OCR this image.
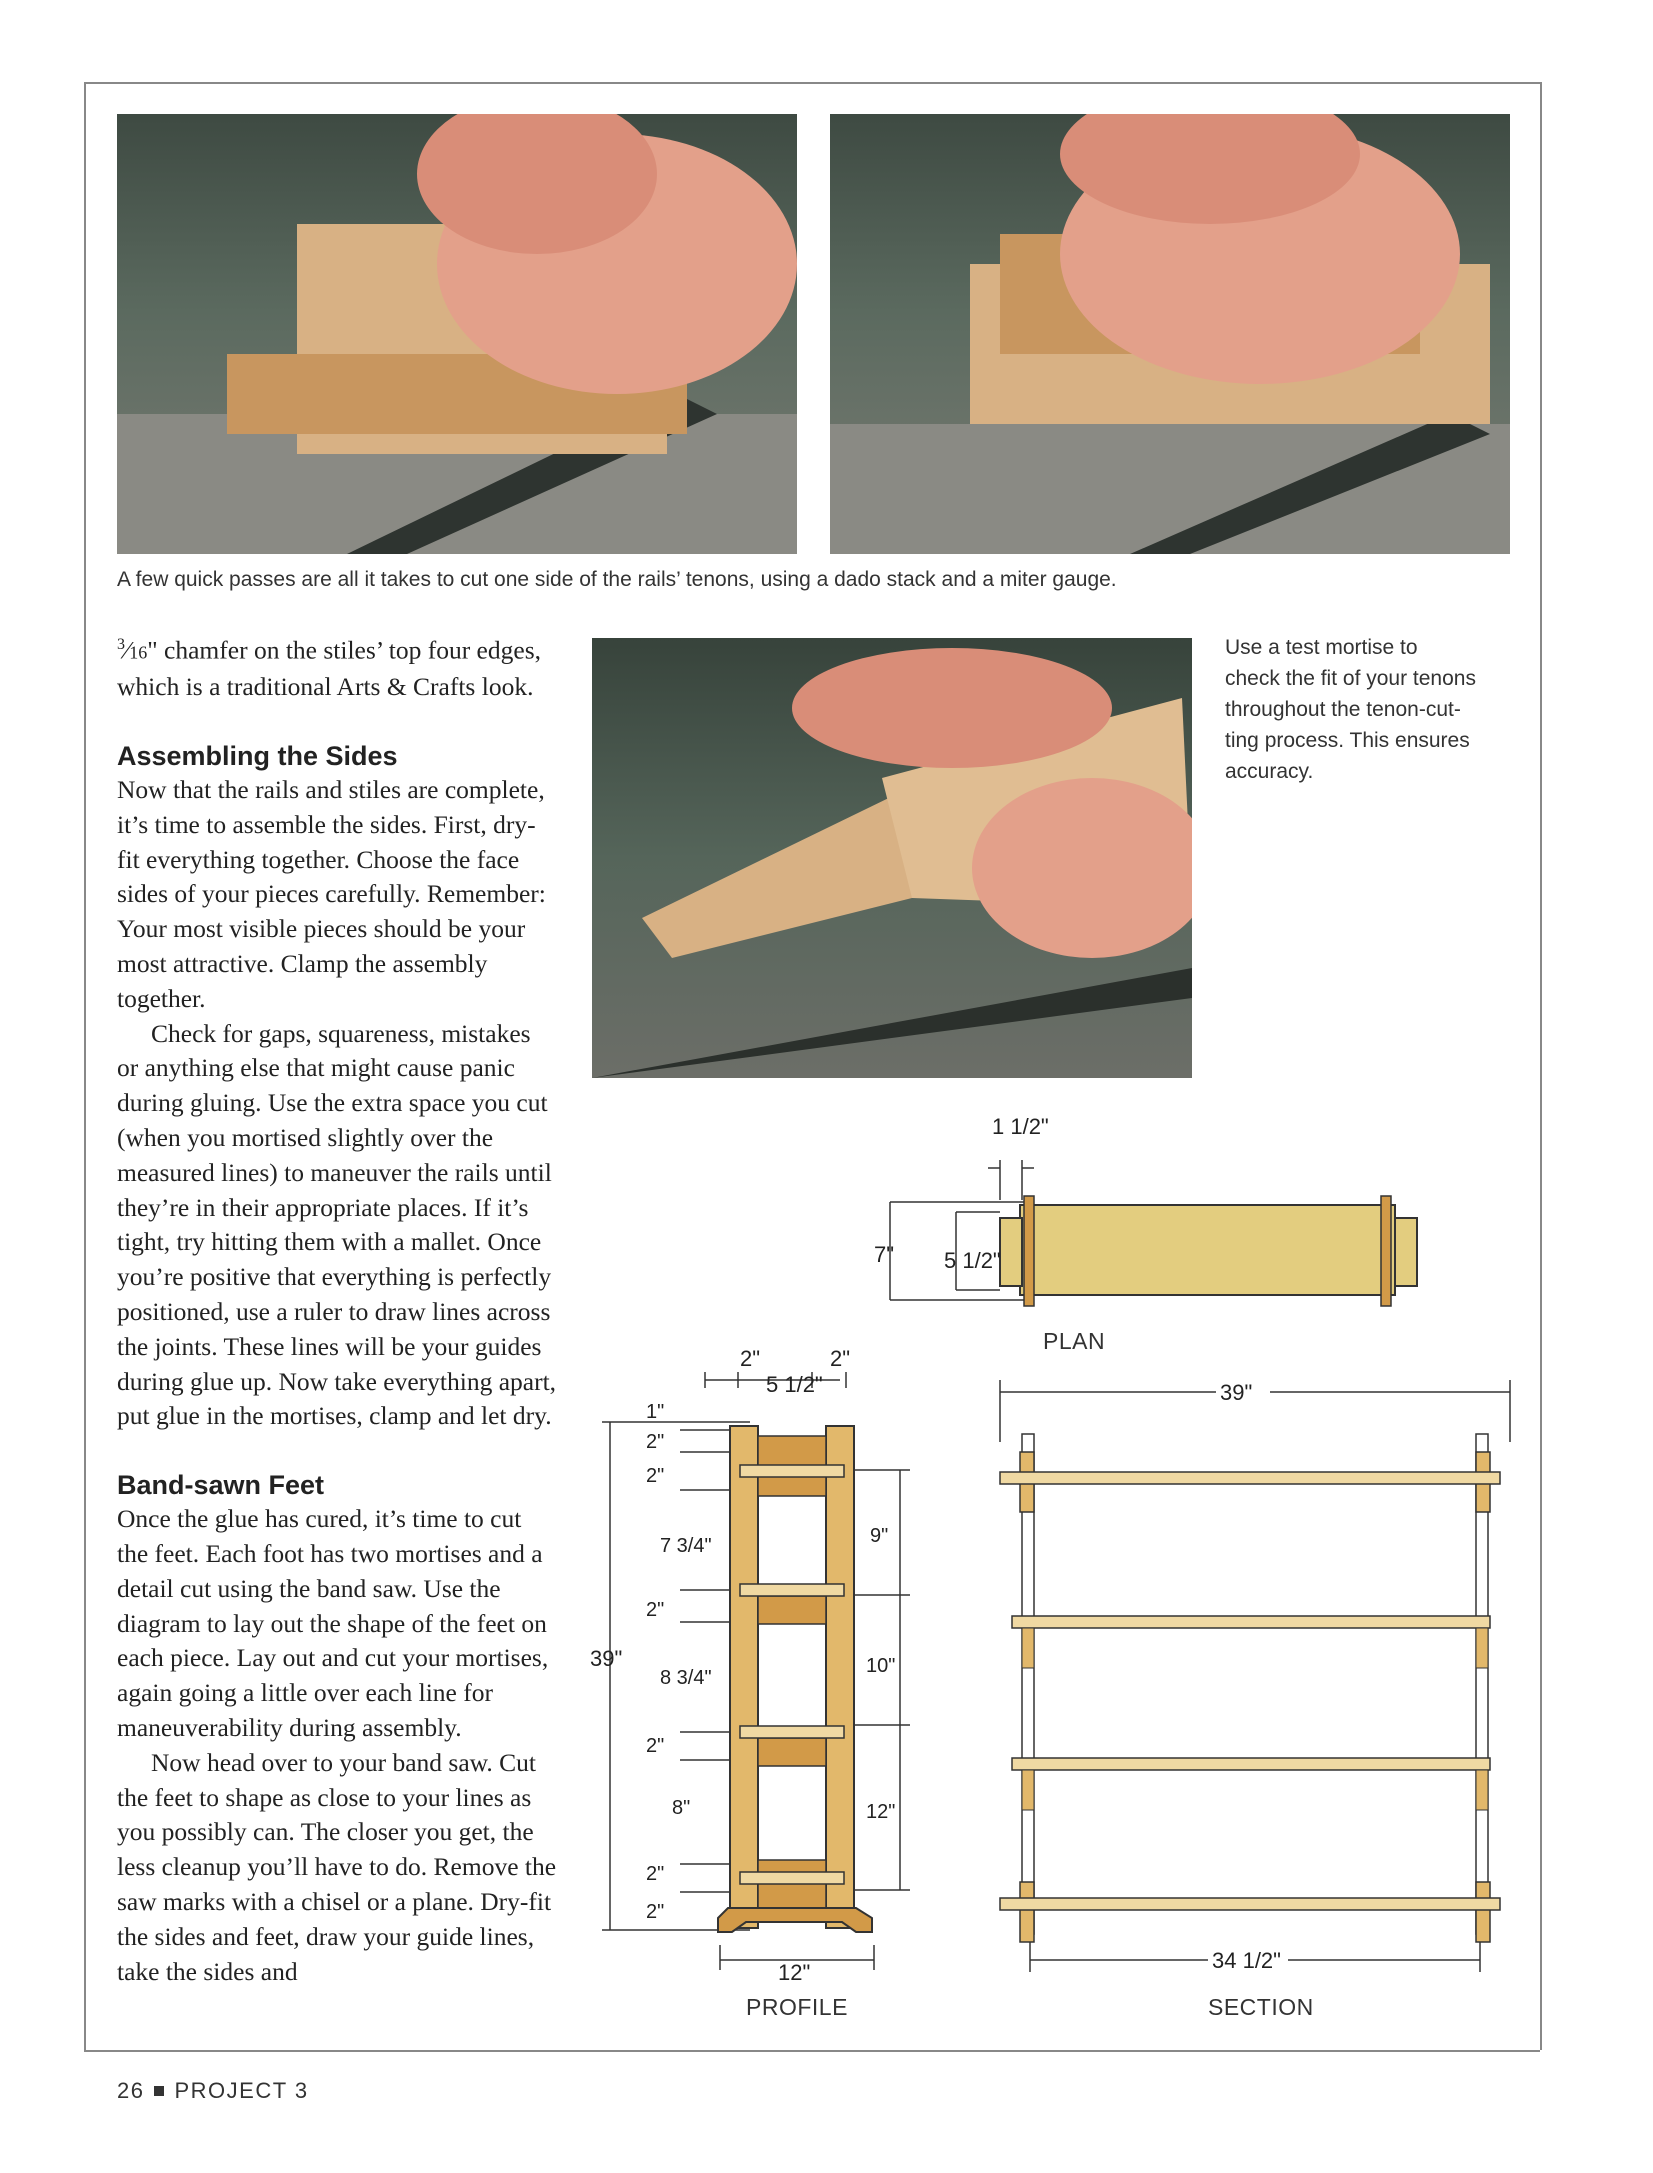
A few quick passes are all it takes to cut one side of the rails’ tenons, using a dado stack and a miter gauge.
Use a test mortise to
check the fit of your tenons
throughout the tenon-cut-
ting process. This ensures
accuracy.

$^3$⁄16" chamfer on the stiles’ top four edges, which is a traditional Arts & Crafts look.

Assembling the Sides

Now that the rails and stiles are complete, it’s time to assemble the sides. First, dry-fit everything together. Choose the face sides of your pieces carefully. Remember: Your most visible pieces should be your most attractive. Clamp the assembly together.

Check for gaps, squareness, mistakes or anything else that might cause panic during gluing. Use the extra space you cut (when you mortised slightly over the measured lines) to maneuver the rails until they’re in their appropriate places. If it’s tight, try hitting them with a mallet. Once you’re positive that everything is perfectly positioned, use a ruler to draw lines across the joints. These lines will be your guides during glue up. Now take everything apart, put glue in the mortises, clamp and let dry.

Band-sawn Feet

Once the glue has cured, it’s time to cut the feet. Each foot has two mortises and a detail cut using the band saw. Use the diagram to lay out the shape of the feet on each piece. Lay out and cut your mortises, again going a little over each line for maneuverability during assembly.

Now head over to your band saw. Cut the feet to shape as close to your lines as you possibly can. The closer you get, the less cleanup you’ll have to do. Remove the saw marks with a chisel or a plane. Dry-fit the sides and feet, draw your guide lines, take the sides and

1 1/2"
7" 5 1/2"
PLAN
2"	2"
5 1/2"
39"
12"
1"
2"
2"
7 3/4"
2"
8 3/4"
2"
8"
2"
2"
9"
10"
12"
PROFILE
39"
34 1/2"
SECTION
26 PROJECT 3
